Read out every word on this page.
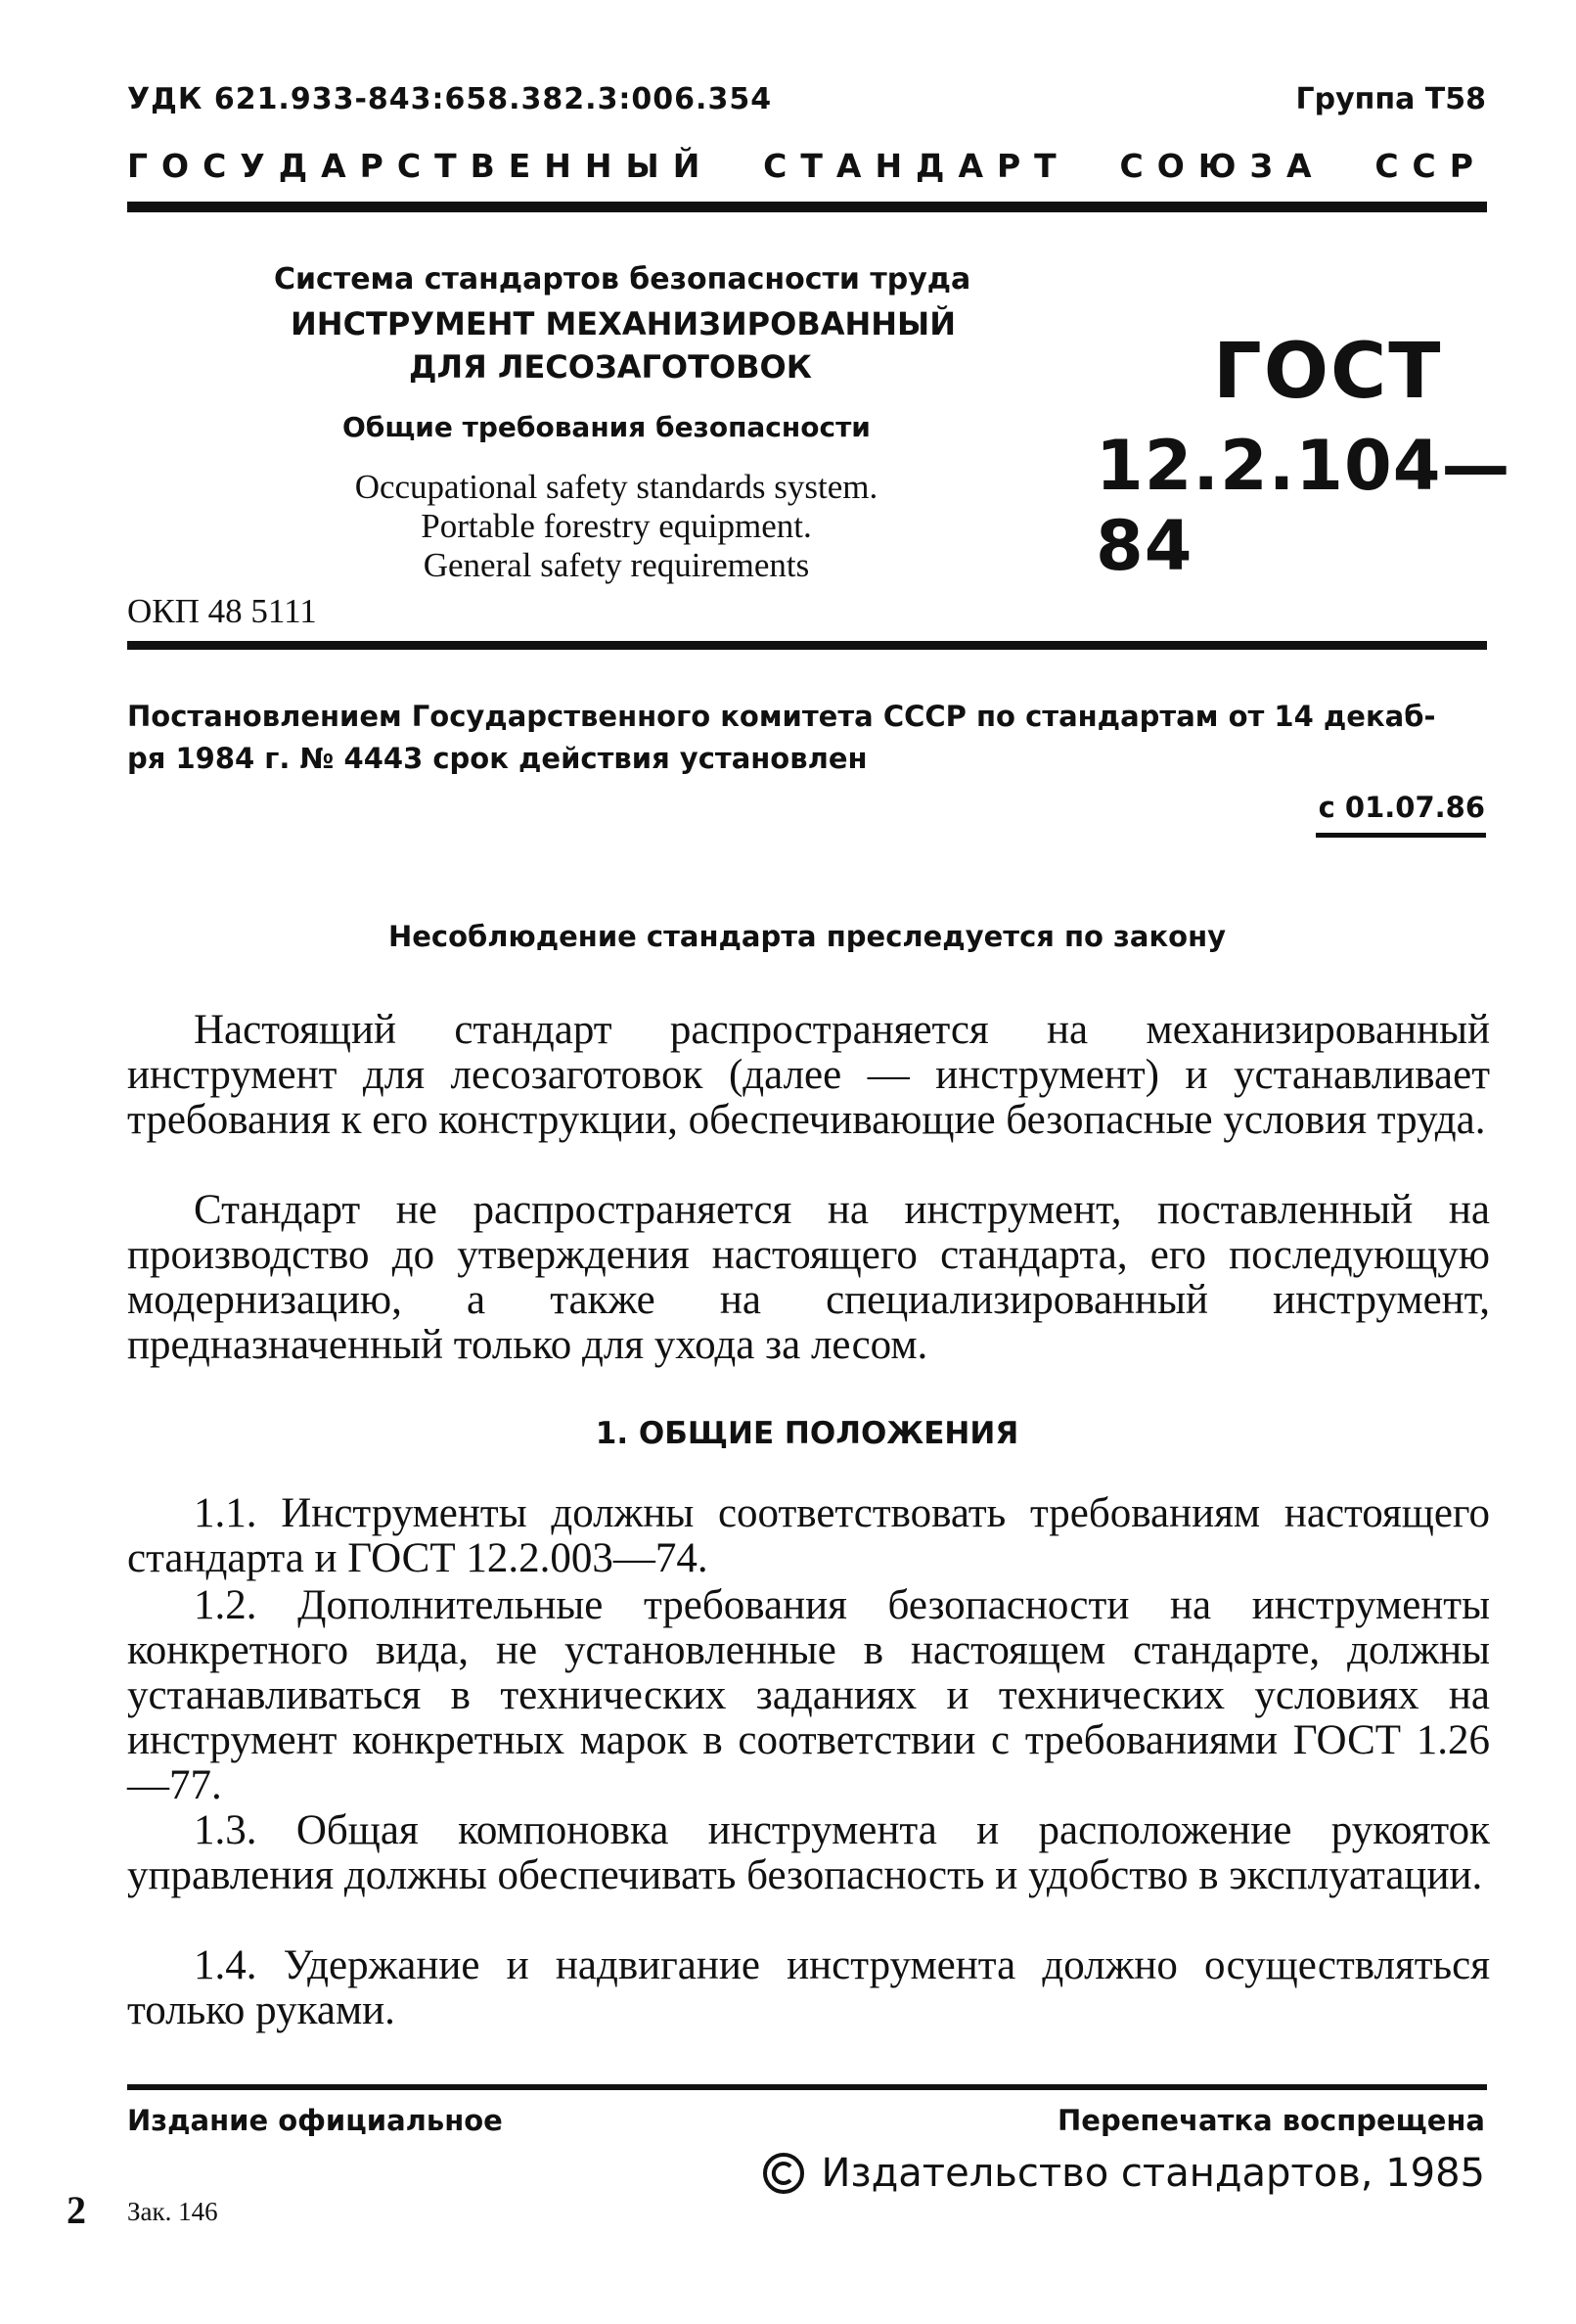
УДК 621.933-843:658.382.3:006.354	Группа Т58
ГОСУДАРСТВЕННЫЙ СТАНДАРТ СОЮЗА ССР
Система стандартов безопасности труда
ИНСТРУМЕНТ МЕХАНИЗИРОВАННЫЙ
ДЛЯ ЛЕСОЗАГОТОВОК
Общие требования безопасности
Occupational safety standards system.
Portable forestry equipment.
General safety requirements
ГОСТ
12.2.104—84
ОКП 48 5111
Постановлением Государственного комитета СССР по стандартам от 14 декаб-
ря 1984 г. № 4443 срок действия установлен
с 01.07.86
Несоблюдение стандарта преследуется по закону

Настоящий стандарт распространяется на механизированный инструмент для лесозаготовок (далее — инструмент) и устанавливает требования к его конструкции, обеспечивающие безопасные условия труда.

Стандарт не распространяется на инструмент, поставленный на производство до утверждения настоящего стандарта, его последующую модернизацию, а также на специализированный инструмент, предназначенный только для ухода за лесом.

1. ОБЩИЕ ПОЛОЖЕНИЯ

1.1. Инструменты должны соответствовать требованиям настоящего стандарта и ГОСТ 12.2.003—74.

1.2. Дополнительные требования безопасности на инструменты конкретного вида, не установленные в настоящем стандарте, должны устанавливаться в технических заданиях и технических условиях на инструмент конкретных марок в соответствии с требованиями ГОСТ 1.26—77.

1.3. Общая компоновка инструмента и расположение рукояток управления должны обеспечивать безопасность и удобство в эксплуатации.

1.4. Удержание и надвигание инструмента должно осуществляться только руками.

Издание официальное	Перепечатка воспрещена
Издательство стандартов, 1985
2 Зак. 146
